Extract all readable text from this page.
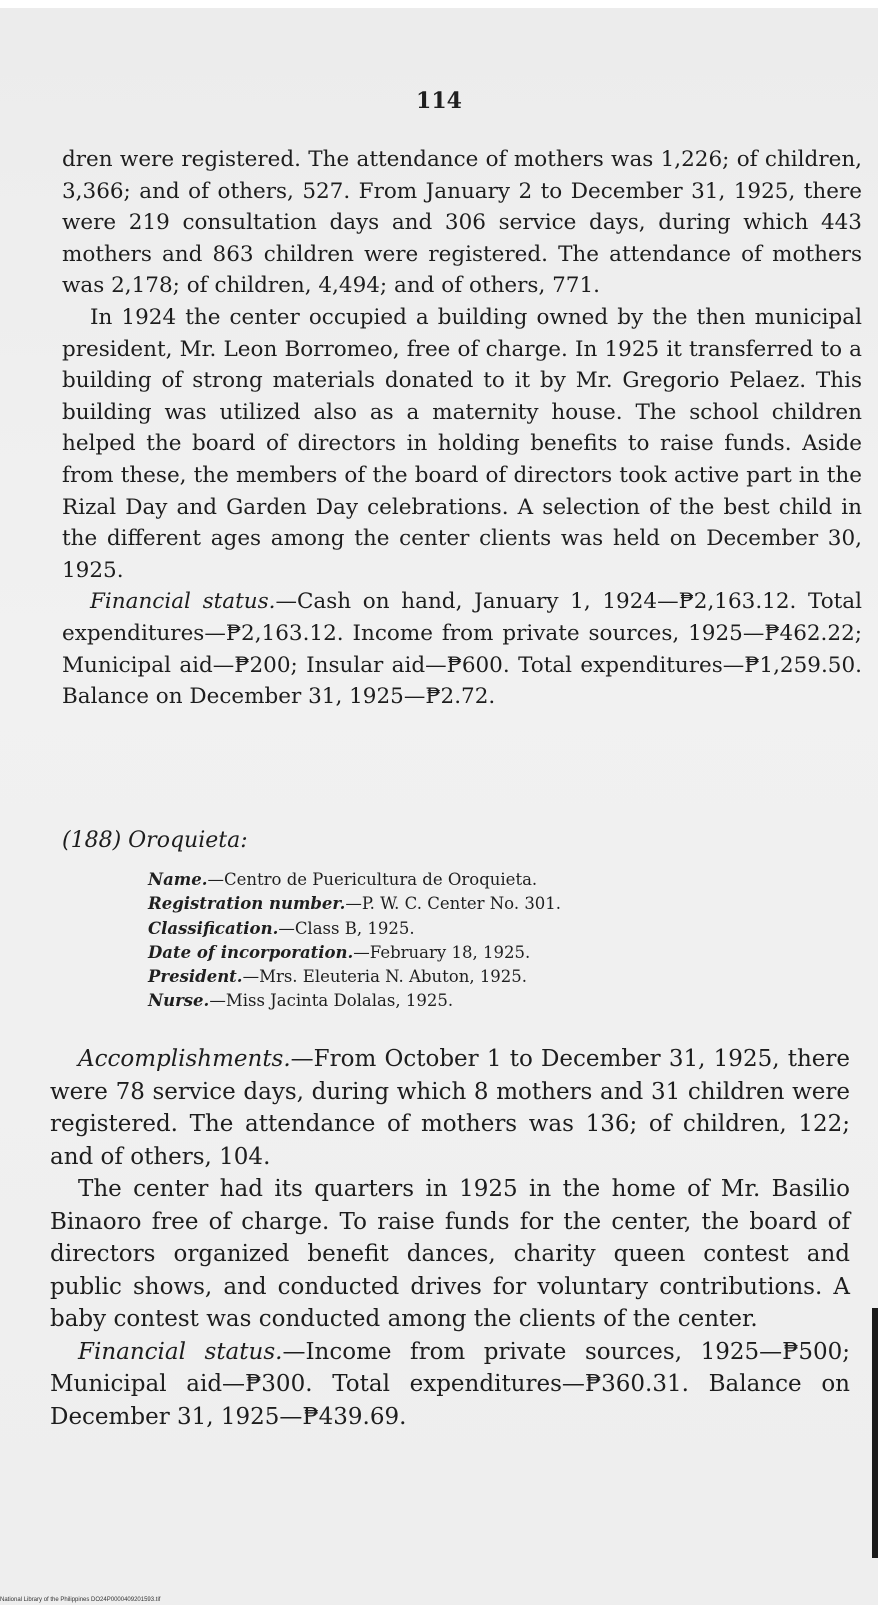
114

dren were registered. The attendance of mothers was 1,226; of children, 3,366; and of others, 527. From January 2 to December 31, 1925, there were 219 consultation days and 306 service days, during which 443 mothers and 863 children were registered. The attendance of mothers was 2,178; of children, 4,494; and of others, 771.

In 1924 the center occupied a building owned by the then municipal president, Mr. Leon Borromeo, free of charge. In 1925 it transferred to a building of strong materials donated to it by Mr. Gregorio Pelaez. This building was utilized also as a maternity house. The school children helped the board of directors in holding benefits to raise funds. Aside from these, the members of the board of directors took active part in the Rizal Day and Garden Day celebrations. A selection of the best child in the different ages among the center clients was held on December 30, 1925.

Financial status.—Cash on hand, January 1, 1924—₱2,163.12. Total expenditures—₱2,163.12. Income from private sources, 1925—₱462.22; Municipal aid—₱200; Insular aid—₱600. Total expenditures—₱1,259.50. Balance on December 31, 1925—₱2.72.

(188) Oroquieta:
Name.—Centro de Puericultura de Oroquieta.
Registration number.—P. W. C. Center No. 301.
Classification.—Class B, 1925.
Date of incorporation.—February 18, 1925.
President.—Mrs. Eleuteria N. Abuton, 1925.
Nurse.—Miss Jacinta Dolalas, 1925.

Accomplishments.—From October 1 to December 31, 1925, there were 78 service days, during which 8 mothers and 31 children were registered. The attendance of mothers was 136; of children, 122; and of others, 104.

The center had its quarters in 1925 in the home of Mr. Basilio Binaoro free of charge. To raise funds for the center, the board of directors organized benefit dances, charity queen contest and public shows, and conducted drives for voluntary contributions. A baby contest was conducted among the clients of the center.

Financial status.—Income from private sources, 1925—₱500; Municipal aid—₱300. Total expenditures—₱360.31. Balance on December 31, 1925—₱439.69.

National Library of the Philippines DO24P0000409201593.tif
